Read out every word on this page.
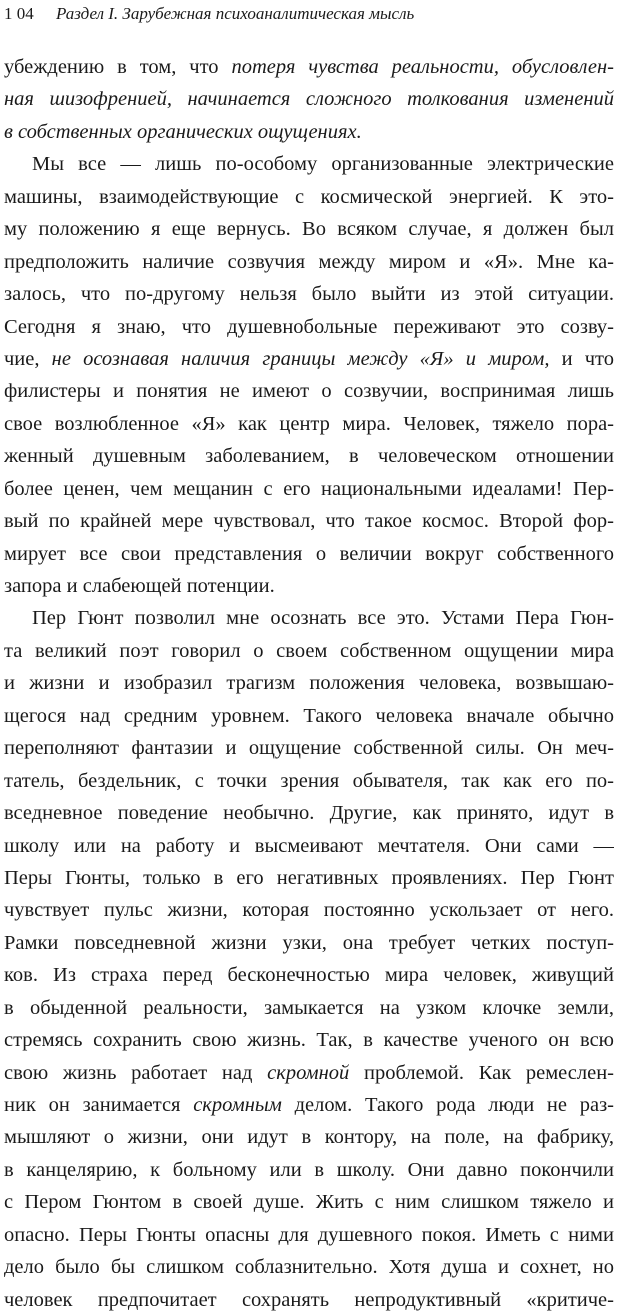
1 04 Раздел I. Зарубежная психоаналитическая мысль
убеждению в том, что потеря чувства реальности, обусловлен-
ная шизофренией, начинается сложного толкования изменений
в собственных органических ощущениях.
Мы все — лишь по-особому организованные электрические
машины, взаимодействующие с космической энергией. К это-
му положению я еще вернусь. Во всяком случае, я должен был
предположить наличие созвучия между миром и «Я». Мне ка-
залось, что по-другому нельзя было выйти из этой ситуации.
Сегодня я знаю, что душевнобольные переживают это созву-
чие, не осознавая наличия границы между «Я» и миром, и что
филистеры и понятия не имеют о созвучии, воспринимая лишь
свое возлюбленное «Я» как центр мира. Человек, тяжело пора-
женный душевным заболеванием, в человеческом отношении
более ценен, чем мещанин с его национальными идеалами! Пер-
вый по крайней мере чувствовал, что такое космос. Второй фор-
мирует все свои представления о величии вокруг собственного
запора и слабеющей потенции.
Пер Гюнт позволил мне осознать все это. Устами Пера Гюн-
та великий поэт говорил о своем собственном ощущении мира
и жизни и изобразил трагизм положения человека, возвышаю-
щегося над средним уровнем. Такого человека вначале обычно
переполняют фантазии и ощущение собственной силы. Он меч-
татель, бездельник, с точки зрения обывателя, так как его по-
вседневное поведение необычно. Другие, как принято, идут в
школу или на работу и высмеивают мечтателя. Они сами —
Перы Гюнты, только в его негативных проявлениях. Пер Гюнт
чувствует пульс жизни, которая постоянно ускользает от него.
Рамки повседневной жизни узки, она требует четких поступ-
ков. Из страха перед бесконечностью мира человек, живущий
в обыденной реальности, замыкается на узком клочке земли,
стремясь сохранить свою жизнь. Так, в качестве ученого он всю
свою жизнь работает над скромной проблемой. Как ремеслен-
ник он занимается скромным делом. Такого рода люди не раз-
мышляют о жизни, они идут в контору, на поле, на фабрику,
в канцелярию, к больному или в школу. Они давно покончили
с Пером Гюнтом в своей душе. Жить с ним слишком тяжело и
опасно. Перы Гюнты опасны для душевного покоя. Иметь с ними
дело было бы слишком соблазнительно. Хотя душа и сохнет, но
человек предпочитает сохранять непродуктивный «критиче-
